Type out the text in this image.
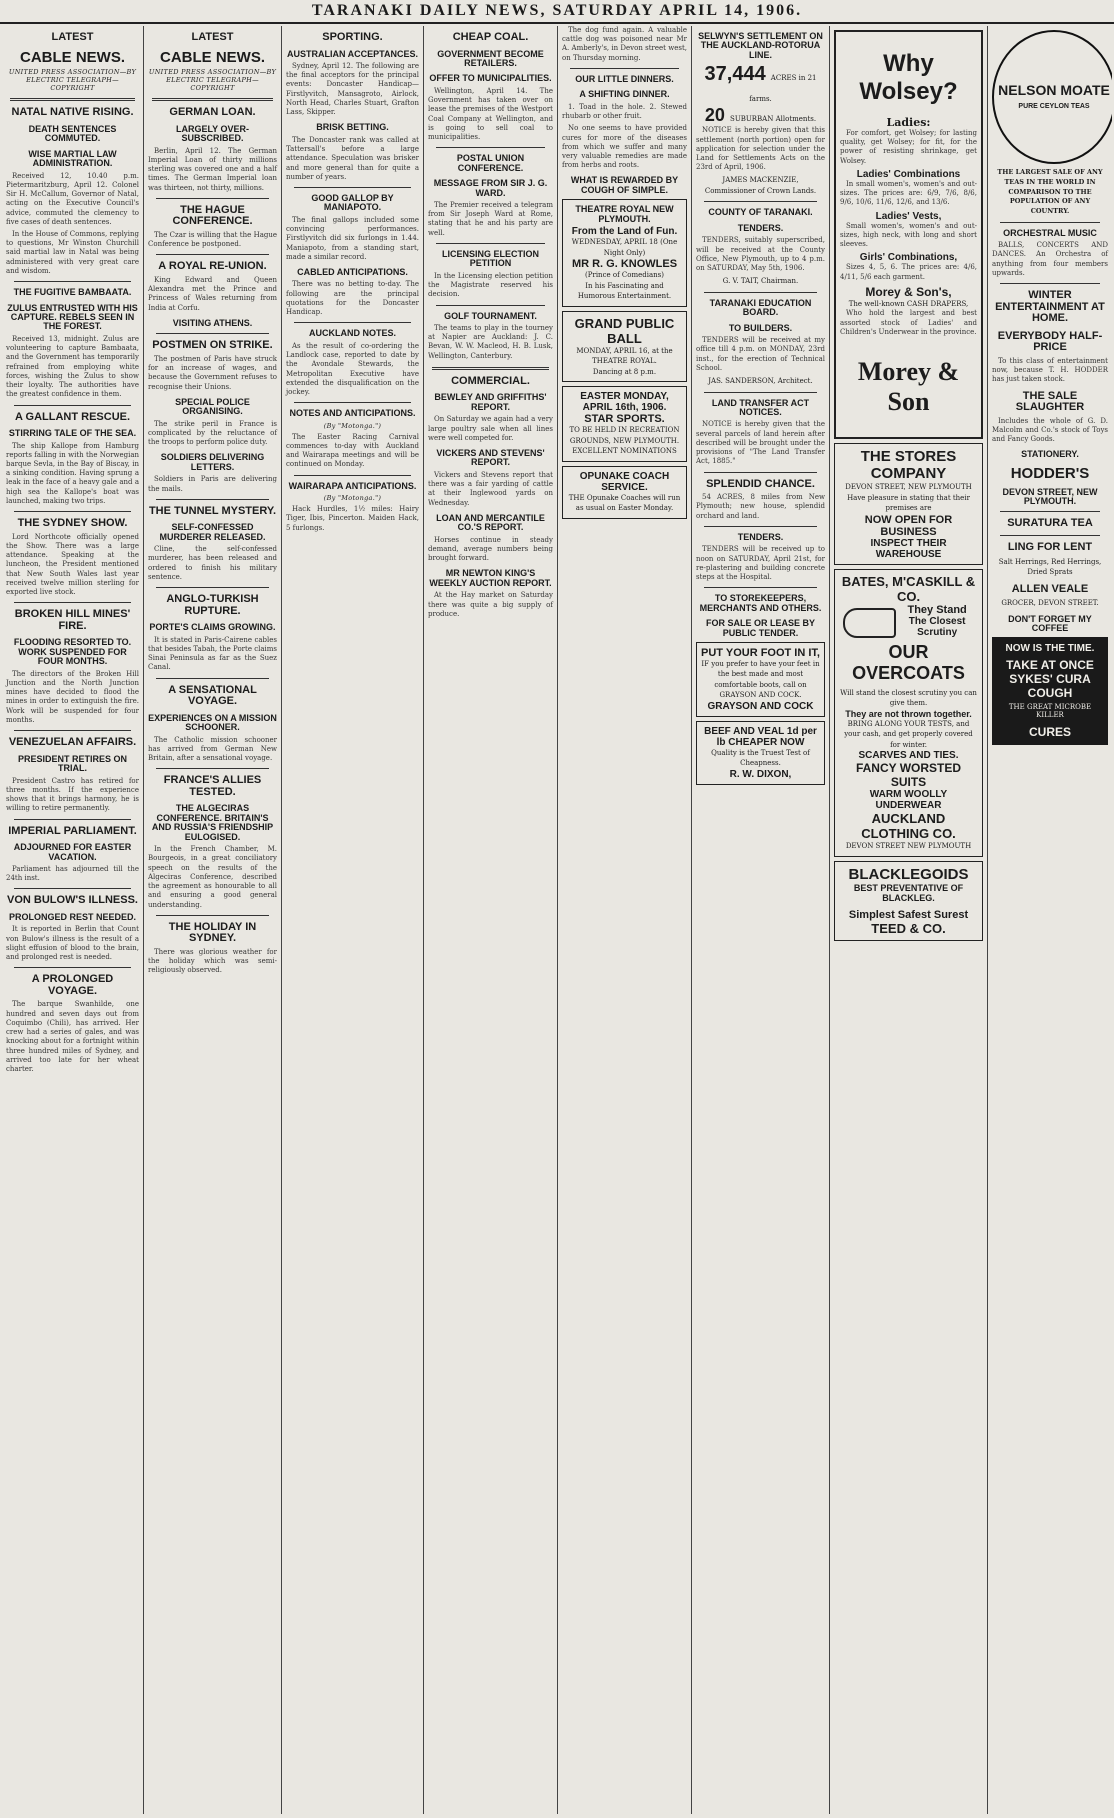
TARANAKI DAILY NEWS, SATURDAY APRIL 14, 1906.
LATEST
CABLE NEWS.
UNITED PRESS ASSOCIATION—BY ELECTRIC TELEGRAPH—COPYRIGHT
NATAL NATIVE RISING.
DEATH SENTENCES COMMUTED.
WISE MARTIAL LAW ADMINISTRATION.

Received 12, 10.40 p.m. Pietermaritzburg, April 12. Colonel Sir H. McCallum, Governor of Natal, acting on the Executive Council's advice, commuted the clemency to five cases of death sentences.

In the House of Commons, replying to questions, Mr Winston Churchill said martial law in Natal was being administered with very great care and wisdom.

THE FUGITIVE BAMBAATA.
ZULUS ENTRUSTED WITH HIS CAPTURE. REBELS SEEN IN THE FOREST.

Received 13, midnight. Zulus are volunteering to capture Bambaata, and the Government has temporarily refrained from employing white forces, wishing the Zulus to show their loyalty. The authorities have the greatest confidence in them.

A GALLANT RESCUE.
STIRRING TALE OF THE SEA.

The ship Kallope from Hamburg reports falling in with the Norwegian barque Sevla, in the Bay of Biscay, in a sinking condition. Having sprung a leak in the face of a heavy gale and a high sea the Kallope's boat was launched, making two trips.

THE SYDNEY SHOW.

Lord Northcote officially opened the Show. There was a large attendance. Speaking at the luncheon, the President mentioned that New South Wales last year received twelve million sterling for exported live stock.

BROKEN HILL MINES' FIRE.
FLOODING RESORTED TO. WORK SUSPENDED FOR FOUR MONTHS.

The directors of the Broken Hill Junction and the North Junction mines have decided to flood the mines in order to extinguish the fire. Work will be suspended for four months.

VENEZUELAN AFFAIRS.
PRESIDENT RETIRES ON TRIAL.

President Castro has retired for three months. If the experience shows that it brings harmony, he is willing to retire permanently.

IMPERIAL PARLIAMENT.
ADJOURNED FOR EASTER VACATION.

Parliament has adjourned till the 24th inst.

VON BULOW'S ILLNESS.
PROLONGED REST NEEDED.

It is reported in Berlin that Count von Bulow's illness is the result of a slight effusion of blood to the brain, and prolonged rest is needed.

A PROLONGED VOYAGE.

The barque Swanhilde, one hundred and seven days out from Coquimbo (Chili), has arrived. Her crew had a series of gales, and was knocking about for a fortnight within three hundred miles of Sydney, and arrived too late for her wheat charter.

LATEST
CABLE NEWS.
UNITED PRESS ASSOCIATION—BY ELECTRIC TELEGRAPH—COPYRIGHT
GERMAN LOAN.
LARGELY OVER-SUBSCRIBED.

Berlin, April 12. The German Imperial Loan of thirty millions sterling was covered one and a half times. The German Imperial loan was thirteen, not thirty, millions.

THE HAGUE CONFERENCE.

The Czar is willing that the Hague Conference be postponed.

A ROYAL RE-UNION.

King Edward and Queen Alexandra met the Prince and Princess of Wales returning from India at Corfu.

VISITING ATHENS.
POSTMEN ON STRIKE.

The postmen of Paris have struck for an increase of wages, and because the Government refuses to recognise their Unions.

SPECIAL POLICE ORGANISING.

The strike peril in France is complicated by the reluctance of the troops to perform police duty.

SOLDIERS DELIVERING LETTERS.

Soldiers in Paris are delivering the mails.

THE TUNNEL MYSTERY.
SELF-CONFESSED MURDERER RELEASED.

Cline, the self-confessed murderer, has been released and ordered to finish his military sentence.

ANGLO-TURKISH RUPTURE.
PORTE'S CLAIMS GROWING.

It is stated in Paris-Cairene cables that besides Tabah, the Porte claims Sinai Peninsula as far as the Suez Canal.

A SENSATIONAL VOYAGE.
EXPERIENCES ON A MISSION SCHOONER.

The Catholic mission schooner has arrived from German New Britain, after a sensational voyage.

FRANCE'S ALLIES TESTED.
THE ALGECIRAS CONFERENCE. BRITAIN'S AND RUSSIA'S FRIENDSHIP EULOGISED.

In the French Chamber, M. Bourgeois, in a great conciliatory speech on the results of the Algeciras Conference, described the agreement as honourable to all and ensuring a good general understanding.

THE HOLIDAY IN SYDNEY.

There was glorious weather for the holiday which was semi-religiously observed.

SPORTING.
AUSTRALIAN ACCEPTANCES.

Sydney, April 12. The following are the final acceptors for the principal events: Doncaster Handicap—Firstlyvitch, Mansagroto, Airlock, North Head, Charles Stuart, Grafton Lass, Skipper.

BRISK BETTING.

The Doncaster rank was called at Tattersall's before a large attendance. Speculation was brisker and more general than for quite a number of years.

GOOD GALLOP BY MANIAPOTO.

The final gallops included some convincing performances. Firstlyvitch did six furlongs in 1.44. Maniapoto, from a standing start, made a similar record.

CABLED ANTICIPATIONS.

There was no betting to-day. The following are the principal quotations for the Doncaster Handicap.

AUCKLAND NOTES.

As the result of co-ordering the Landlock case, reported to date by the Avondale Stewards, the Metropolitan Executive have extended the disqualification on the jockey.

NOTES AND ANTICIPATIONS.
(By "Motonga.")

The Easter Racing Carnival commences to-day with Auckland and Wairarapa meetings and will be continued on Monday.

WAIRARAPA ANTICIPATIONS.
(By "Motonga.")

Hack Hurdles, 1½ miles: Hairy Tiger, Ibis, Pincerton. Maiden Hack, 5 furlongs.

CHEAP COAL.
GOVERNMENT BECOME RETAILERS.
OFFER TO MUNICIPALITIES.

Wellington, April 14. The Government has taken over on lease the premises of the Westport Coal Company at Wellington, and is going to sell coal to municipalities.

POSTAL UNION CONFERENCE.
MESSAGE FROM SIR J. G. WARD.

The Premier received a telegram from Sir Joseph Ward at Rome, stating that he and his party are well.

LICENSING ELECTION PETITION

In the Licensing election petition the Magistrate reserved his decision.

GOLF TOURNAMENT.

The teams to play in the tourney at Napier are Auckland: J. C. Bevan, W. W. Macleod, H. B. Lusk, Wellington, Canterbury.

COMMERCIAL.
BEWLEY AND GRIFFITHS' REPORT.

On Saturday we again had a very large poultry sale when all lines were well competed for.

VICKERS AND STEVENS' REPORT.

Vickers and Stevens report that there was a fair yarding of cattle at their Inglewood yards on Wednesday.

LOAN AND MERCANTILE CO.'S REPORT.

Horses continue in steady demand, average numbers being brought forward.

MR NEWTON KING'S WEEKLY AUCTION REPORT.

At the Hay market on Saturday there was quite a big supply of produce.

The dog fund again. A valuable cattle dog was poisoned near Mr A. Amberly's, in Devon street west, on Thursday morning.

OUR LITTLE DINNERS.
A SHIFTING DINNER.

1. Toad in the hole. 2. Stewed rhubarb or other fruit.

No one seems to have provided cures for more of the diseases from which we suffer and many very valuable remedies are made from herbs and roots.

WHAT IS REWARDED BY COUGH OF SIMPLE.
THEATRE ROYAL NEW PLYMOUTH.
From the Land of Fun.
WEDNESDAY, APRIL 18 (One Night Only)
MR R. G. KNOWLES
(Prince of Comedians)
In his Fascinating and Humorous Entertainment.
GRAND PUBLIC BALL
MONDAY, APRIL 16, at the THEATRE ROYAL.
Dancing at 8 p.m.
EASTER MONDAY, APRIL 16th, 1906.
STAR SPORTS.
TO BE HELD IN RECREATION GROUNDS, NEW PLYMOUTH.
EXCELLENT NOMINATIONS
OPUNAKE COACH SERVICE.
THE Opunake Coaches will run as usual on Easter Monday.
SELWYN'S SETTLEMENT ON THE AUCKLAND-ROTORUA LINE.
37,444 ACRES in 21 farms.
20 SUBURBAN Allotments.

NOTICE is hereby given that this settlement (north portion) open for application for selection under the Land for Settlements Acts on the 23rd of April, 1906.

JAMES MACKENZIE, Commissioner of Crown Lands.
COUNTY OF TARANAKI.
TENDERS.

TENDERS, suitably superscribed, will be received at the County Office, New Plymouth, up to 4 p.m. on SATURDAY, May 5th, 1906.

G. V. TAIT, Chairman.
TARANAKI EDUCATION BOARD.
TO BUILDERS.

TENDERS will be received at my office till 4 p.m. on MONDAY, 23rd inst., for the erection of Technical School.

JAS. SANDERSON, Architect.
LAND TRANSFER ACT NOTICES.

NOTICE is hereby given that the several parcels of land herein after described will be brought under the provisions of "The Land Transfer Act, 1885."

SPLENDID CHANCE.

54 ACRES, 8 miles from New Plymouth; new house, splendid orchard and land.

TENDERS.

TENDERS will be received up to noon on SATURDAY, April 21st, for re-plastering and building concrete steps at the Hospital.

TO STOREKEEPERS, MERCHANTS AND OTHERS.
FOR SALE OR LEASE BY PUBLIC TENDER.
PUT YOUR FOOT IN IT,
IF you prefer to have your feet in the best made and most comfortable boots, call on GRAYSON AND COCK.
GRAYSON AND COCK
BEEF AND VEAL 1d per lb CHEAPER NOW
Quality is the Truest Test of Cheapness.
R. W. DIXON,
Why Wolsey?
Ladies:

For comfort, get Wolsey; for lasting quality, get Wolsey; for fit, for the power of resisting shrinkage, get Wolsey.

Ladies' Combinations

In small women's, women's and out-sizes. The prices are: 6/9, 7/6, 8/6, 9/6, 10/6, 11/6, 12/6, and 13/6.

Ladies' Vests,

Small women's, women's and out-sizes, high neck, with long and short sleeves.

Girls' Combinations,

Sizes 4, 5, 6. The prices are: 4/6, 4/11, 5/6 each garment.

Morey & Son's,
The well-known CASH DRAPERS,

Who hold the largest and best assorted stock of Ladies' and Children's Underwear in the province.

Morey & Son
THE STORES COMPANY
DEVON STREET, NEW PLYMOUTH
Have pleasure in stating that their premises are
NOW OPEN FOR BUSINESS
INSPECT THEIR WAREHOUSE
BATES, M'CASKILL & CO.
They Stand
The Closest Scrutiny
OUR OVERCOATS
Will stand the closest scrutiny you can give them.
They are not thrown together.
BRING ALONG YOUR TESTS, and your cash, and get properly covered for winter.
SCARVES AND TIES.
FANCY WORSTED SUITS
WARM WOOLLY UNDERWEAR
AUCKLAND CLOTHING CO.
DEVON STREET NEW PLYMOUTH
BLACKLEGOIDS
BEST PREVENTATIVE OF BLACKLEG.
Simplest Safest Surest
TEED & CO.
NELSON MOATE
PURE CEYLON TEAS
THE LARGEST SALE OF ANY TEAS IN THE WORLD IN COMPARISON TO THE POPULATION OF ANY COUNTRY.
ORCHESTRAL MUSIC

BALLS, CONCERTS AND DANCES. An Orchestra of anything from four members upwards.

WINTER ENTERTAINMENT AT HOME.
EVERYBODY HALF-PRICE

To this class of entertainment now, because T. H. HODDER has just taken stock.

THE SALE SLAUGHTER

Includes the whole of G. D. Malcolm and Co.'s stock of Toys and Fancy Goods.

STATIONERY.
HODDER'S
DEVON STREET, NEW PLYMOUTH.
SURATURA TEA
LING FOR LENT
Salt Herrings, Red Herrings, Dried Sprats
ALLEN VEALE
GROCER, DEVON STREET.
DON'T FORGET MY COFFEE
NOW IS THE TIME.
TAKE AT ONCE SYKES' CURA COUGH
THE GREAT MICROBE KILLER
CURES
